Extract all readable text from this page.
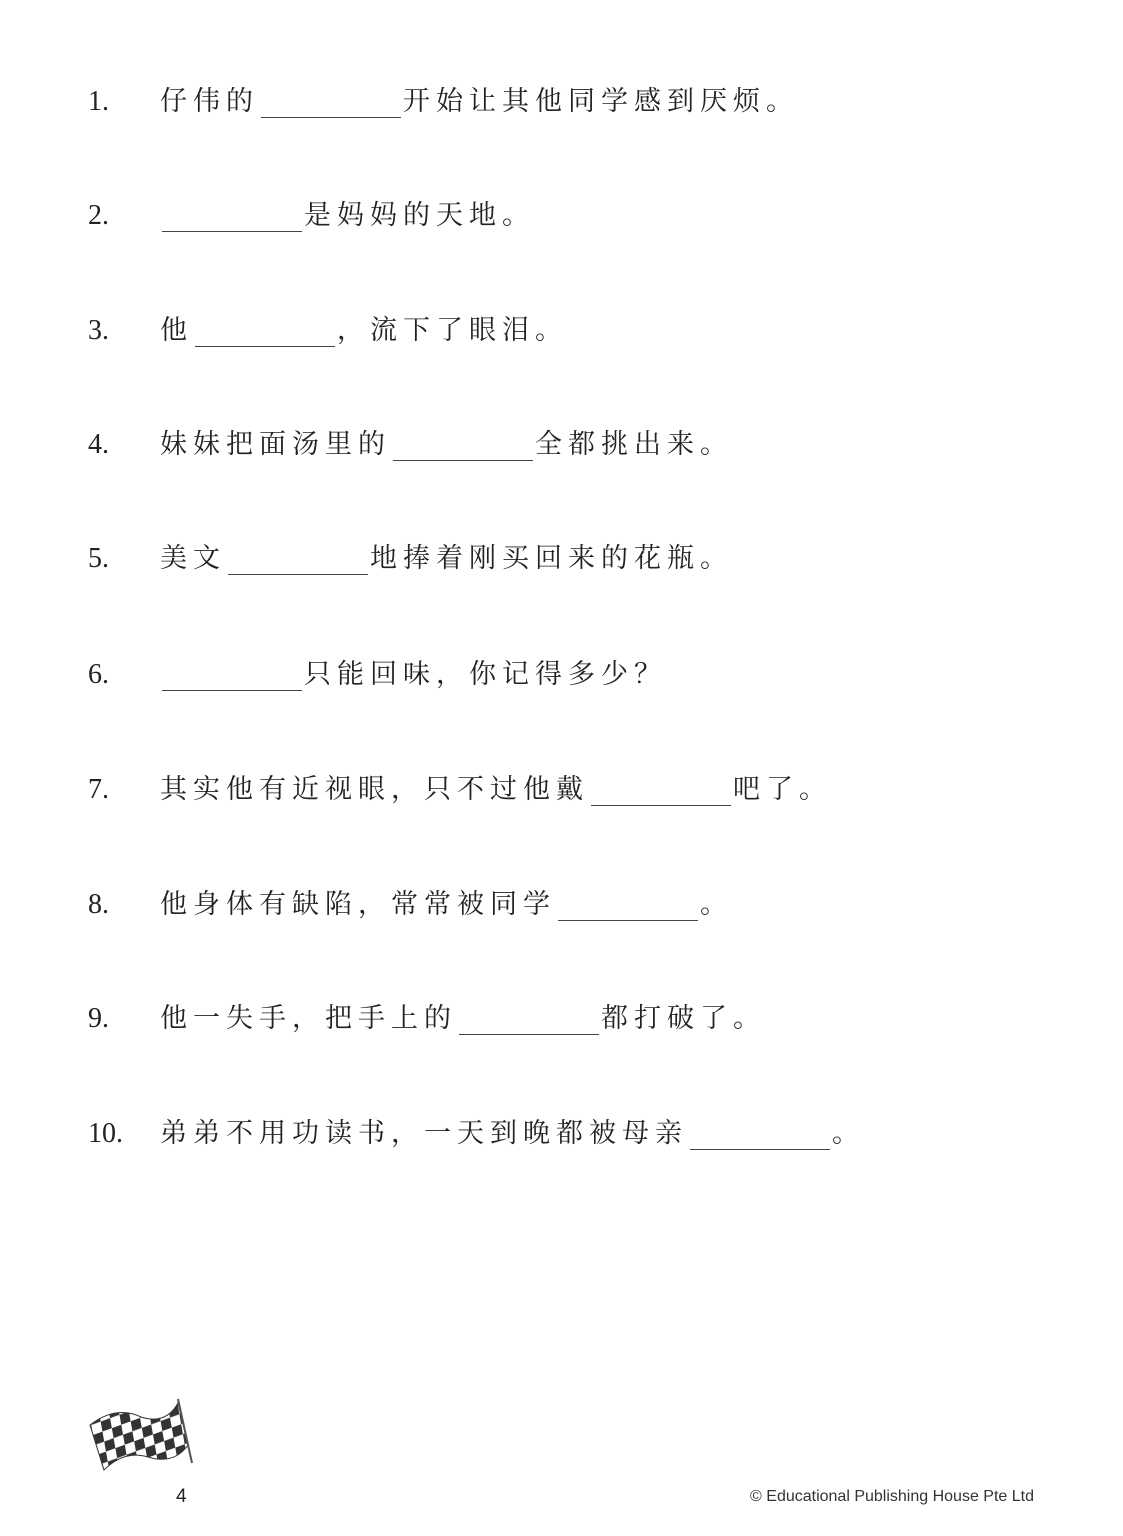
1.	仔伟的	开始让其他同学感到厌烦。
2.	是妈妈的天地。
3.	他	，流下了眼泪。
4.	妹妹把面汤里的	全都挑出来。
5.	美文	地捧着刚买回来的花瓶。
6.	只能回味，你记得多少？
7.	其实他有近视眼，只不过他戴	吧了。
8.	他身体有缺陷，常常被同学	。
9.	他一失手，把手上的	都打破了。
10.	弟弟不用功读书，一天到晚都被母亲	。
4	© Educational Publishing House Pte Ltd
